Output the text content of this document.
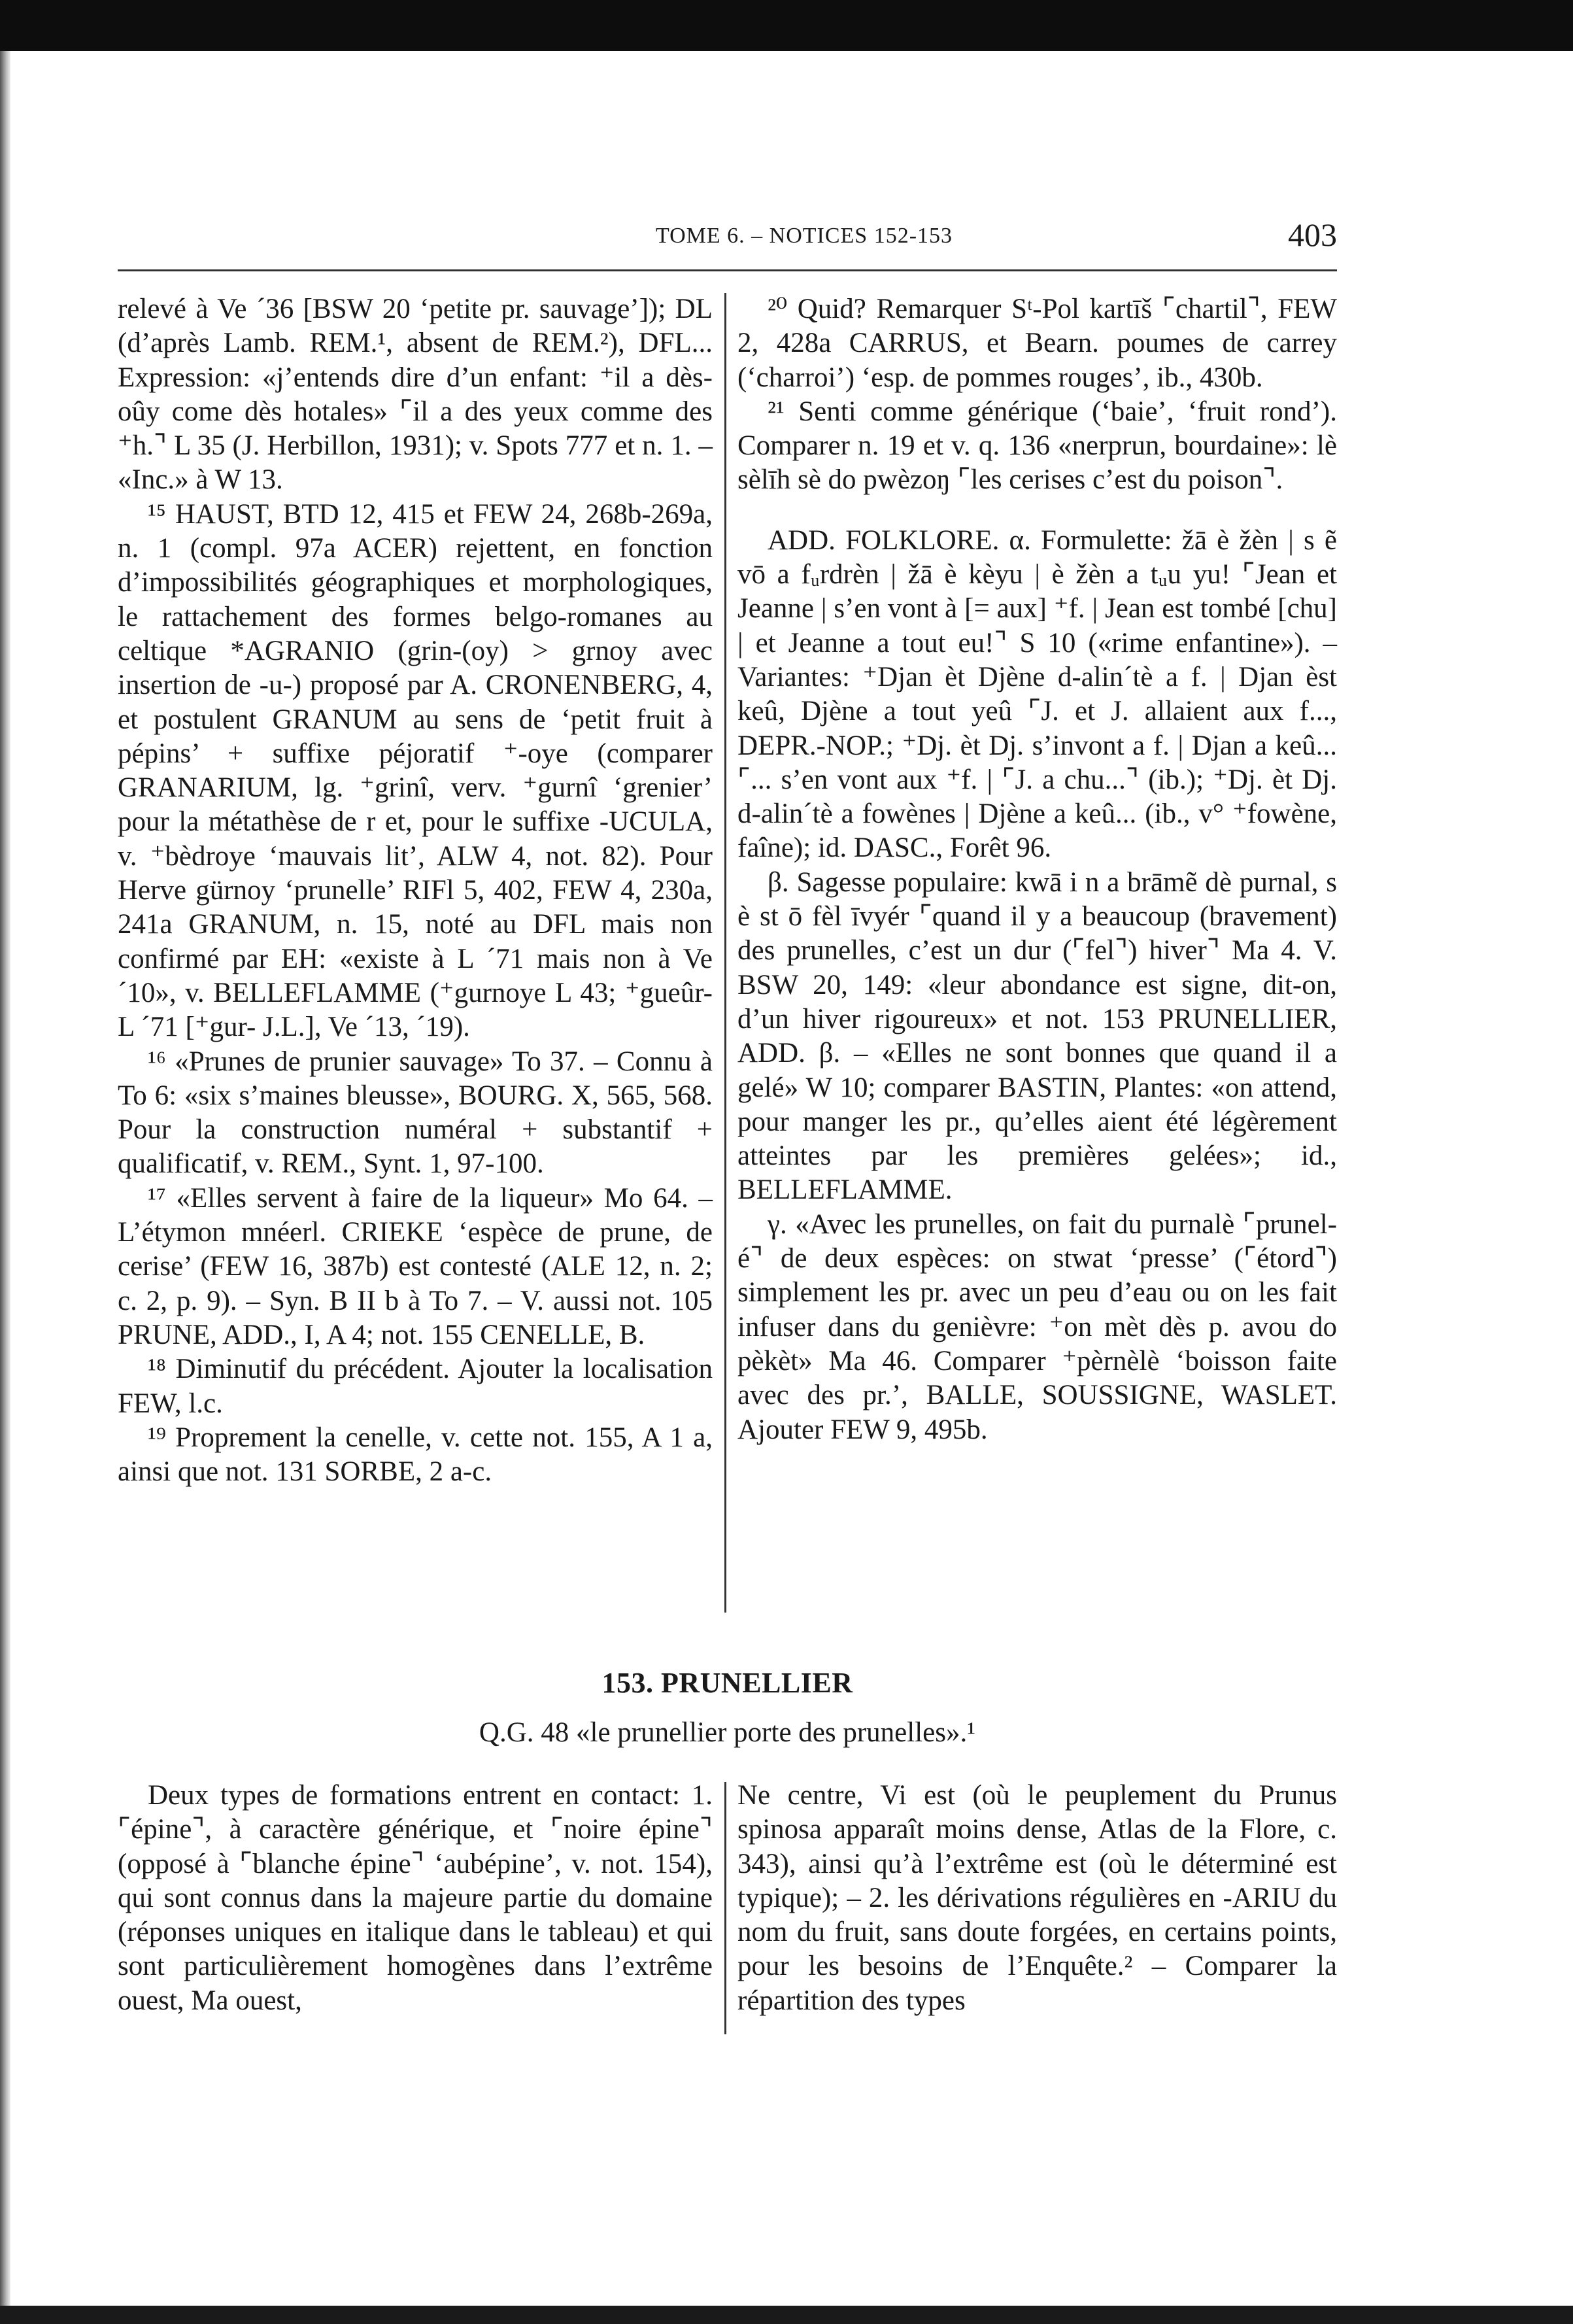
TOME 6. – NOTICES 152-153	403

relevé à Ve ´36 [BSW 20 ‘petite pr. sauvage’]); DL (d’après Lamb. REM.¹, absent de REM.²), DFL... Expression: «j’entends dire d’un enfant: ⁺il a dès-oûy come dès hotales» ⌜il a des yeux comme des ⁺h.⌝ L 35 (J. Herbillon, 1931); v. Spots 777 et n. 1. – «Inc.» à W 13.

¹⁵ HAUST, BTD 12, 415 et FEW 24, 268b-269a, n. 1 (compl. 97a ACER) rejettent, en fonction d’impossibilités géographiques et morphologiques, le rattachement des formes belgo-romanes au celtique *AGRANIO (grin-(oy) > grnoy avec insertion de -u-) proposé par A. CRONENBERG, 4, et postulent GRANUM au sens de ‘petit fruit à pépins’ + suffixe péjoratif ⁺-oye (comparer GRANARIUM, lg. ⁺grinî, verv. ⁺gurnî ‘grenier’ pour la métathèse de r et, pour le suffixe -UCULA, v. ⁺bèdroye ‘mauvais lit’, ALW 4, not. 82). Pour Herve gürnoy ‘prunelle’ RIFl 5, 402, FEW 4, 230a, 241a GRANUM, n. 15, noté au DFL mais non confirmé par EH: «existe à L ´71 mais non à Ve ´10», v. BELLEFLAMME (⁺gurnoye L 43; ⁺gueûr- L ´71 [⁺gur- J.L.], Ve ´13, ´19).

¹⁶ «Prunes de prunier sauvage» To 37. – Connu à To 6: «six s’maines bleusse», BOURG. X, 565, 568. Pour la construction numéral + substantif + qualificatif, v. REM., Synt. 1, 97-100.

¹⁷ «Elles servent à faire de la liqueur» Mo 64. – L’étymon mnéerl. CRIEKE ‘espèce de prune, de cerise’ (FEW 16, 387b) est contesté (ALE 12, n. 2; c. 2, p. 9). – Syn. B II b à To 7. – V. aussi not. 105 PRUNE, ADD., I, A 4; not. 155 CENELLE, B.

¹⁸ Diminutif du précédent. Ajouter la localisation FEW, l.c.

¹⁹ Proprement la cenelle, v. cette not. 155, A 1 a, ainsi que not. 131 SORBE, 2 a-c.

²⁰ Quid? Remarquer Sᵗ-Pol kartīš ⌜chartil⌝, FEW 2, 428a CARRUS, et Bearn. poumes de carrey (‘charroi’) ‘esp. de pommes rouges’, ib., 430b.

²¹ Senti comme générique (‘baie’, ‘fruit rond’). Comparer n. 19 et v. q. 136 «nerprun, bourdaine»: lè sèlīh sè do pwèzoŋ ⌜les cerises c’est du poison⌝.

ADD. FOLKLORE. α. Formulette: žā è žèn | s ẽ vō a fᵤrdrèn | žā è kèyu | è žèn a tᵤu yu! ⌜Jean et Jeanne | s’en vont à [= aux] ⁺f. | Jean est tombé [chu] | et Jeanne a tout eu!⌝ S 10 («rime enfantine»). – Variantes: ⁺Djan èt Djène d-alin´tè a f. | Djan èst keû, Djène a tout yeû ⌜J. et J. allaient aux f..., DEPR.-NOP.; ⁺Dj. èt Dj. s’invont a f. | Djan a keû... ⌜... s’en vont aux ⁺f. | ⌜J. a chu...⌝ (ib.); ⁺Dj. èt Dj. d-alin´tè a fowènes | Djène a keû... (ib., v° ⁺fowène, faîne); id. DASC., Forêt 96.

β. Sagesse populaire: kwā i n a brāmẽ dè purnal, s è st ō fèl īvyér ⌜quand il y a beaucoup (bravement) des prunelles, c’est un dur (⌜fel⌝) hiver⌝ Ma 4. V. BSW 20, 149: «leur abondance est signe, dit-on, d’un hiver rigoureux» et not. 153 PRUNELLIER, ADD. β. – «Elles ne sont bonnes que quand il a gelé» W 10; comparer BASTIN, Plantes: «on attend, pour manger les pr., qu’elles aient été légèrement atteintes par les premières gelées»; id., BELLEFLAMME.

γ. «Avec les prunelles, on fait du purnalè ⌜prunel-é⌝ de deux espèces: on stwat ‘presse’ (⌜étord⌝) simplement les pr. avec un peu d’eau ou on les fait infuser dans du genièvre: ⁺on mèt dès p. avou do pèkèt» Ma 46. Comparer ⁺pèrnèlè ‘boisson faite avec des pr.’, BALLE, SOUSSIGNE, WASLET. Ajouter FEW 9, 495b.

153. PRUNELLIER
Q.G. 48 «le prunellier porte des prunelles».¹

Deux types de formations entrent en contact: 1. ⌜épine⌝, à caractère générique, et ⌜noire épine⌝ (opposé à ⌜blanche épine⌝ ‘aubépine’, v. not. 154), qui sont connus dans la majeure partie du domaine (réponses uniques en italique dans le tableau) et qui sont particulièrement homogènes dans l’extrême ouest, Ma ouest,

Ne centre, Vi est (où le peuplement du Prunus spinosa apparaît moins dense, Atlas de la Flore, c. 343), ainsi qu’à l’extrême est (où le déterminé est typique); – 2. les dérivations régulières en -ARIU du nom du fruit, sans doute forgées, en certains points, pour les besoins de l’Enquête.² – Comparer la répartition des types
